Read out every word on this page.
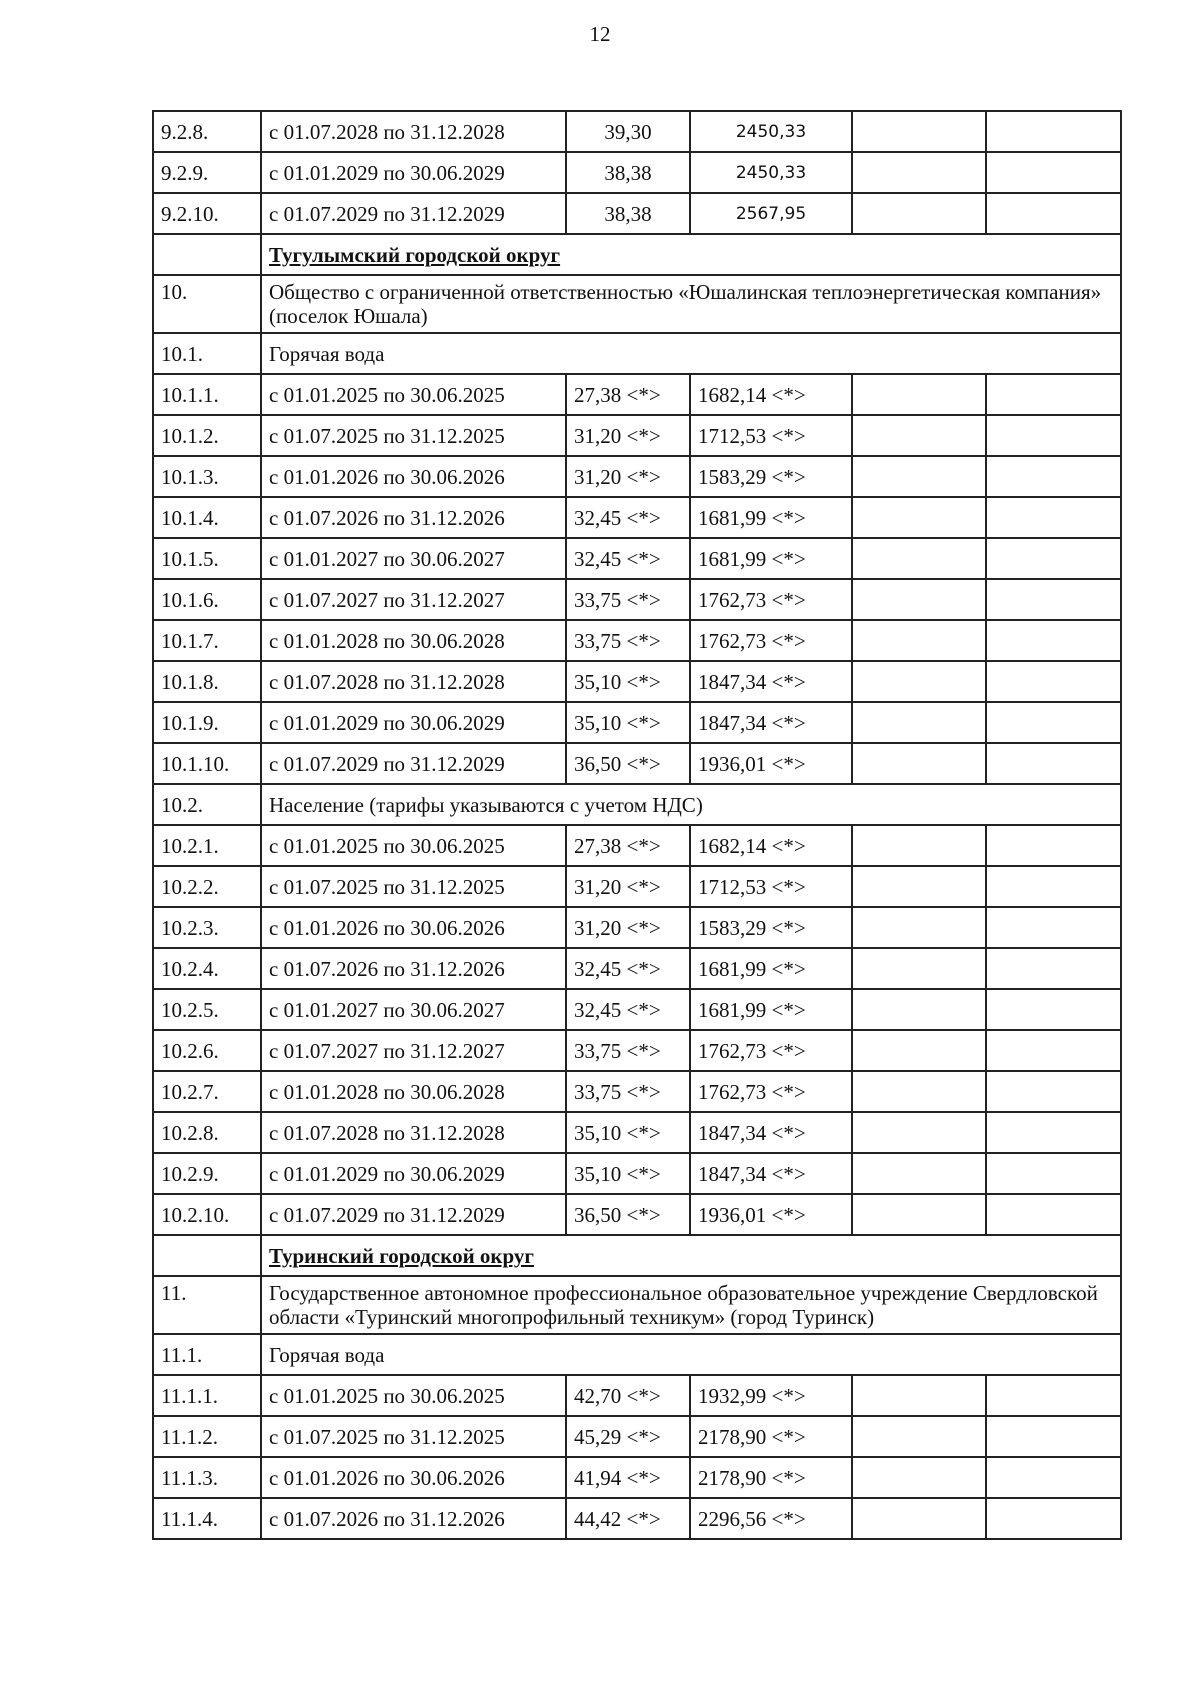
12
9.2.8.	с 01.07.2028 по 31.12.2028	39,30	2450,33		
9.2.9.	с 01.01.2029 по 30.06.2029	38,38	2450,33		
9.2.10.	с 01.07.2029 по 31.12.2029	38,38	2567,95		
	Тугулымский городской округ				
10.	Общество с ограниченной ответственностью «Юшалинская теплоэнергетическая компания» (поселок Юшала)				
10.1.	Горячая вода				
10.1.1.	с 01.01.2025 по 30.06.2025	27,38 <*>	1682,14 <*>		
10.1.2.	с 01.07.2025 по 31.12.2025	31,20 <*>	1712,53 <*>		
10.1.3.	с 01.01.2026 по 30.06.2026	31,20 <*>	1583,29 <*>		
10.1.4.	с 01.07.2026 по 31.12.2026	32,45 <*>	1681,99 <*>		
10.1.5.	с 01.01.2027 по 30.06.2027	32,45 <*>	1681,99 <*>		
10.1.6.	с 01.07.2027 по 31.12.2027	33,75 <*>	1762,73 <*>		
10.1.7.	с 01.01.2028 по 30.06.2028	33,75 <*>	1762,73 <*>		
10.1.8.	с 01.07.2028 по 31.12.2028	35,10 <*>	1847,34 <*>		
10.1.9.	с 01.01.2029 по 30.06.2029	35,10 <*>	1847,34 <*>		
10.1.10.	с 01.07.2029 по 31.12.2029	36,50 <*>	1936,01 <*>		
10.2.	Население (тарифы указываются с учетом НДС)				
10.2.1.	с 01.01.2025 по 30.06.2025	27,38 <*>	1682,14 <*>		
10.2.2.	с 01.07.2025 по 31.12.2025	31,20 <*>	1712,53 <*>		
10.2.3.	с 01.01.2026 по 30.06.2026	31,20 <*>	1583,29 <*>		
10.2.4.	с 01.07.2026 по 31.12.2026	32,45 <*>	1681,99 <*>		
10.2.5.	с 01.01.2027 по 30.06.2027	32,45 <*>	1681,99 <*>		
10.2.6.	с 01.07.2027 по 31.12.2027	33,75 <*>	1762,73 <*>		
10.2.7.	с 01.01.2028 по 30.06.2028	33,75 <*>	1762,73 <*>		
10.2.8.	с 01.07.2028 по 31.12.2028	35,10 <*>	1847,34 <*>		
10.2.9.	с 01.01.2029 по 30.06.2029	35,10 <*>	1847,34 <*>		
10.2.10.	с 01.07.2029 по 31.12.2029	36,50 <*>	1936,01 <*>		
	Туринский городской округ				
11.	Государственное автономное профессиональное образовательное учреждение Свердловской области «Туринский многопрофильный техникум» (город Туринск)				
11.1.	Горячая вода				
11.1.1.	с 01.01.2025 по 30.06.2025	42,70 <*>	1932,99 <*>		
11.1.2.	с 01.07.2025 по 31.12.2025	45,29 <*>	2178,90 <*>		
11.1.3.	с 01.01.2026 по 30.06.2026	41,94 <*>	2178,90 <*>		
11.1.4.	с 01.07.2026 по 31.12.2026	44,42 <*>	2296,56 <*>		
